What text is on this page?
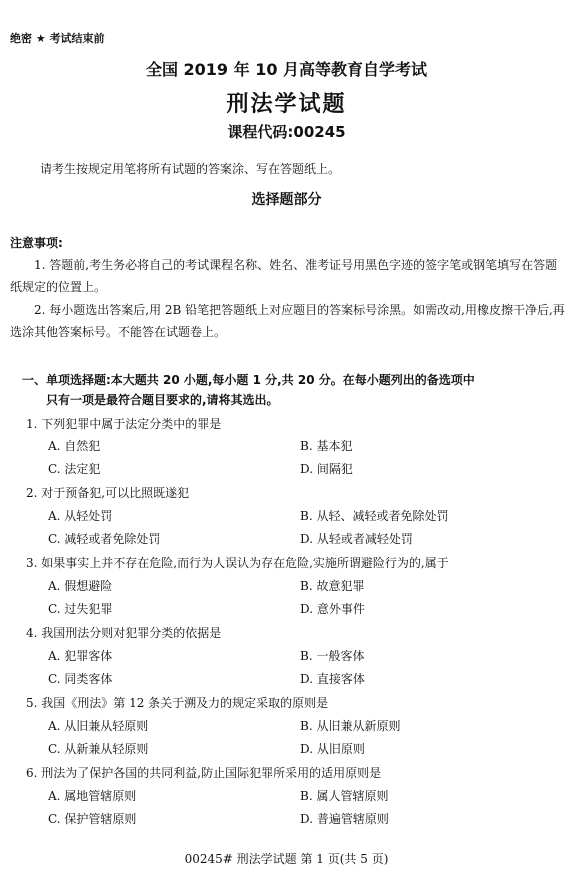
绝密 ★ 考试结束前
全国 2019 年 10 月高等教育自学考试
刑法学试题
课程代码:00245
请考生按规定用笔将所有试题的答案涂、写在答题纸上。
选择题部分
注意事项:
1. 答题前,考生务必将自己的考试课程名称、姓名、准考证号用黑色字迹的签字笔或钢笔填写在答题纸规定的位置上。
2. 每小题选出答案后,用 2B 铅笔把答题纸上对应题目的答案标号涂黑。如需改动,用橡皮擦干净后,再选涂其他答案标号。不能答在试题卷上。
一、单项选择题:本大题共 20 小题,每小题 1 分,共 20 分。在每小题列出的备选项中
只有一项是最符合题目要求的,请将其选出。
1. 下列犯罪中属于法定分类中的罪是
A. 自然犯	B. 基本犯
C. 法定犯	D. 间隔犯
2. 对于预备犯,可以比照既遂犯
A. 从轻处罚	B. 从轻、减轻或者免除处罚
C. 减轻或者免除处罚	D. 从轻或者减轻处罚
3. 如果事实上并不存在危险,而行为人误认为存在危险,实施所谓避险行为的,属于
A. 假想避险	B. 故意犯罪
C. 过失犯罪	D. 意外事件
4. 我国刑法分则对犯罪分类的依据是
A. 犯罪客体	B. 一般客体
C. 同类客体	D. 直接客体
5. 我国《刑法》第 12 条关于溯及力的规定采取的原则是
A. 从旧兼从轻原则	B. 从旧兼从新原则
C. 从新兼从轻原则	D. 从旧原则
6. 刑法为了保护各国的共同利益,防止国际犯罪所采用的适用原则是
A. 属地管辖原则	B. 属人管辖原则
C. 保护管辖原则	D. 普遍管辖原则
00245# 刑法学试题 第 1 页(共 5 页)
